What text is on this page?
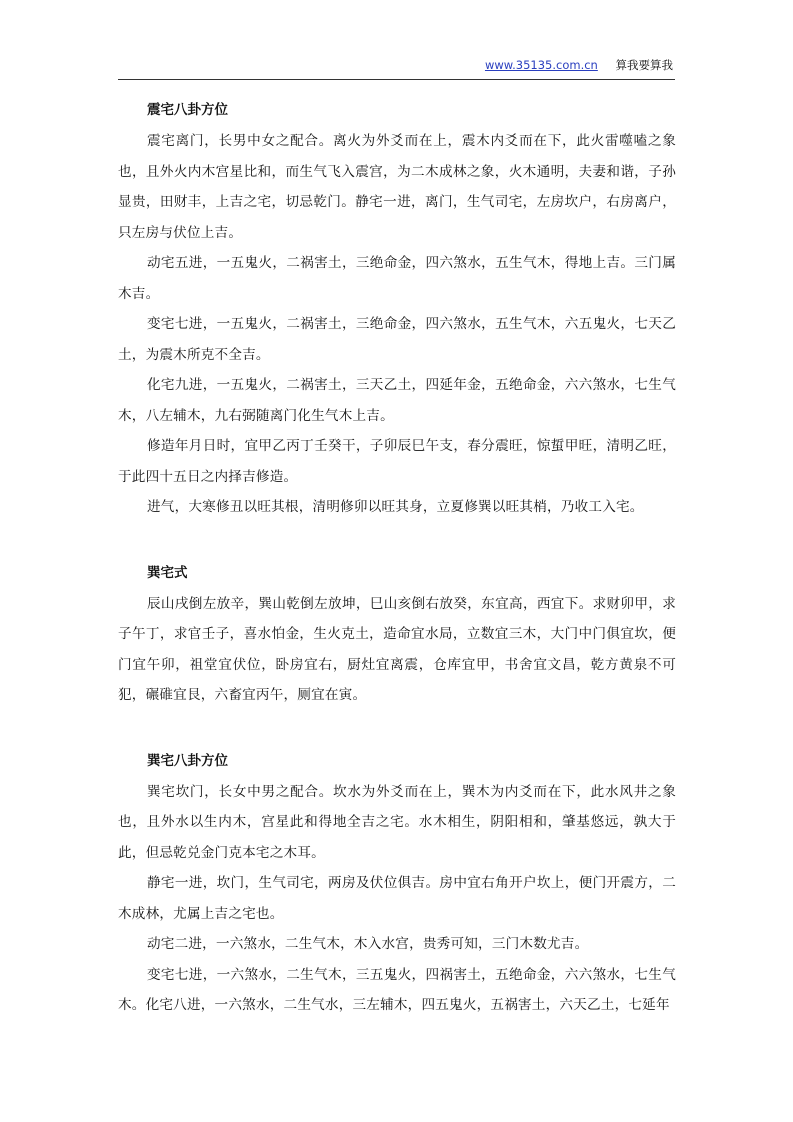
www.35135.com.cn 算我要算我
震宅八卦方位

震宅离门，长男中女之配合。离火为外爻而在上，震木内爻而在下，此火雷噬嗑之象也，且外火内木宫星比和，而生气飞入震宫，为二木成林之象，火木通明，夫妻和谐，子孙显贵，田财丰，上吉之宅，切忌乾门。静宅一进，离门，生气司宅，左房坎户，右房离户，只左房与伏位上吉。

动宅五进，一五鬼火，二祸害土，三绝命金，四六煞水，五生气木，得地上吉。三门属木吉。

变宅七进，一五鬼火，二祸害土，三绝命金，四六煞水，五生气木，六五鬼火，七天乙土，为震木所克不全吉。

化宅九进，一五鬼火，二祸害土，三天乙土，四延年金，五绝命金，六六煞水，七生气木，八左辅木，九右弼随离门化生气木上吉。

修造年月日时，宜甲乙丙丁壬癸干，子卯辰巳午支，春分震旺，惊蜇甲旺，清明乙旺，于此四十五日之内择吉修造。

进气，大寒修丑以旺其根，清明修卯以旺其身，立夏修巽以旺其梢，乃收工入宅。

巽宅式

辰山戌倒左放辛，巽山乾倒左放坤，巳山亥倒右放癸，东宜高，西宜下。求财卯甲，求子午丁，求官壬子，喜水怕金，生火克土，造命宜水局，立数宜三木，大门中门俱宜坎，便门宜午卯，祖堂宜伏位，卧房宜右，厨灶宜离震，仓库宜甲，书舍宜文昌，乾方黄泉不可犯，碾碓宜艮，六畜宜丙午，厕宜在寅。

巽宅八卦方位

巽宅坎门，长女中男之配合。坎水为外爻而在上，巽木为内爻而在下，此水风井之象也，且外水以生内木，宫星此和得地全吉之宅。水木相生，阴阳相和，肇基悠远，孰大于此，但忌乾兑金门克本宅之木耳。

静宅一进，坎门，生气司宅，两房及伏位俱吉。房中宜右角开户坎上，便门开震方，二木成林，尤属上吉之宅也。

动宅二进，一六煞水，二生气木，木入水宫，贵秀可知，三门木数尤吉。

变宅七进，一六煞水，二生气木，三五鬼火，四祸害土，五绝命金，六六煞水，七生气木。化宅八进，一六煞水，二生气水，三左辅木，四五鬼火，五祸害土，六天乙土，七延年
